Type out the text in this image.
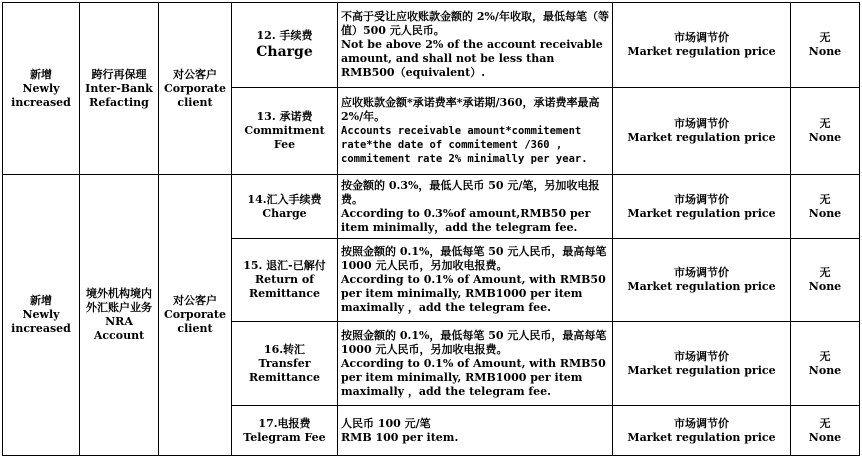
新增
Newly increased	跨行再保理
Inter-Bank Refacting	对公客户
Corporate client	12. 手续费
Charge	不高于受让应收账款金额的 2%/年收取，最低每笔（等值）500 元人民币。
Not be above 2% of the account receivable amount, and shall not be less than RMB500（equivalent）.	市场调节价
Market regulation price	无
None

			13. 承诺费
Commitment Fee	应收账款金额*承诺费率*承诺期/360，承诺费率最高 2%/年。
Accounts receivable amount*commitement rate*the date of commitement /360 , commitement rate 2% minimally per year.	市场调节价
Market regulation price	无
None

新增
Newly increased	境外机构境内外汇账户业务
NRA Account	对公客户
Corporate client	14.汇入手续费
Charge	按金额的 0.3%，最低人民币 50 元/笔，另加收电报费。
According to 0.3%of amount,RMB50 per item minimally，add the telegram fee.	市场调节价
Market regulation price	无
None

			15. 退汇-已解付
Return of Remittance	按照金额的 0.1%，最低每笔 50 元人民币，最高每笔 1000 元人民币，另加收电报费。
According to 0.1% of Amount, with RMB50 per item minimally, RMB1000 per item maximally ，add the telegram fee.	市场调节价
Market regulation price	无
None

			16.转汇
Transfer Remittance	按照金额的 0.1%，最低每笔 50 元人民币，最高每笔 1000 元人民币，另加收电报费。
According to 0.1% of Amount, with RMB50 per item minimally, RMB1000 per item maximally ，add the telegram fee.	市场调节价
Market regulation price	无
None

			17.电报费
Telegram Fee	人民币 100 元/笔
RMB 100 per item.	市场调节价
Market regulation price	无
None
